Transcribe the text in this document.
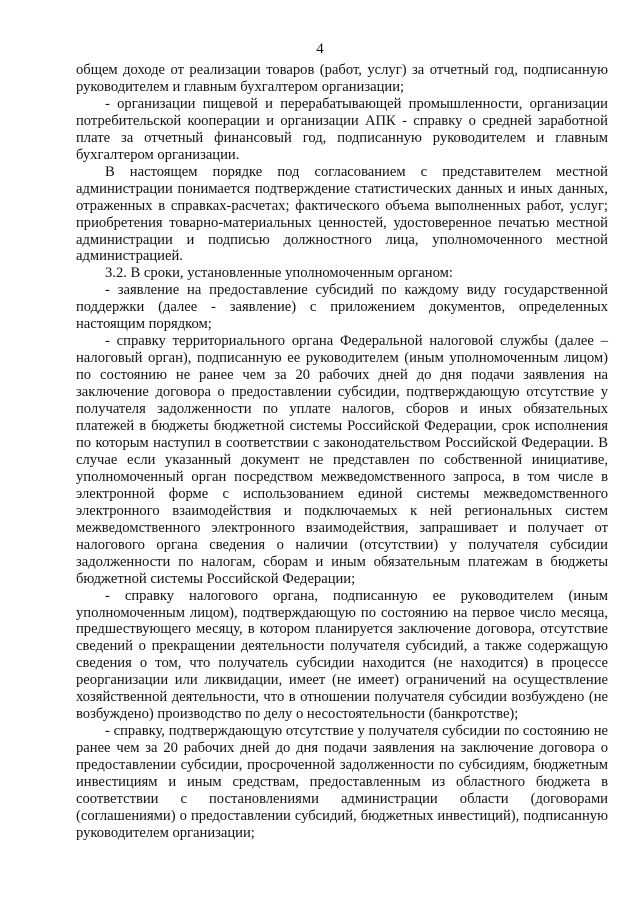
4

общем доходе от реализации товаров (работ, услуг) за отчетный год, подписанную руководителем и главным бухгалтером организации;

- организации пищевой и перерабатывающей промышленности, организации потребительской кооперации и организации АПК - справку о средней заработной плате за отчетный финансовый год, подписанную руководителем и главным бухгалтером организации.

В настоящем порядке под согласованием с представителем местной администрации понимается подтверждение статистических данных и иных данных, отраженных в справках-расчетах; фактического объема выполненных работ, услуг; приобретения товарно-материальных ценностей, удостоверенное печатью местной администрации и подписью должностного лица, уполномоченного местной администрацией.

3.2. В сроки, установленные уполномоченным органом:

- заявление на предоставление субсидий по каждому виду государственной поддержки (далее - заявление) с приложением документов, определенных настоящим порядком;

- справку территориального органа Федеральной налоговой службы (далее – налоговый орган), подписанную ее руководителем (иным уполномоченным лицом) по состоянию не ранее чем за 20 рабочих дней до дня подачи заявления на заключение договора о предоставлении субсидии, подтверждающую отсутствие у получателя задолженности по уплате налогов, сборов и иных обязательных платежей в бюджеты бюджетной системы Российской Федерации, срок исполнения по которым наступил в соответствии с законодательством Российской Федерации. В случае если указанный документ не представлен по собственной инициативе, уполномоченный орган посредством межведомственного запроса, в том числе в электронной форме с использованием единой системы межведомственного электронного взаимодействия и подключаемых к ней региональных систем межведомственного электронного взаимодействия, запрашивает и получает от налогового органа сведения о наличии (отсутствии) у получателя субсидии задолженности по налогам, сборам и иным обязательным платежам в бюджеты бюджетной системы Российской Федерации;

- справку налогового органа, подписанную ее руководителем (иным уполномоченным лицом), подтверждающую по состоянию на первое число месяца, предшествующего месяцу, в котором планируется заключение договора, отсутствие сведений о прекращении деятельности получателя субсидий, а также содержащую сведения о том, что получатель субсидии находится (не находится) в процессе реорганизации или ликвидации, имеет (не имеет) ограничений на осуществление хозяйственной деятельности, что в отношении получателя субсидии возбуждено (не возбуждено) производство по делу о несостоятельности (банкротстве);

- справку, подтверждающую отсутствие у получателя субсидии по состоянию не ранее чем за 20 рабочих дней до дня подачи заявления на заключение договора о предоставлении субсидии, просроченной задолженности по субсидиям, бюджетным инвестициям и иным средствам, предоставленным из областного бюджета в соответствии с постановлениями администрации области (договорами (соглашениями) о предоставлении субсидий, бюджетных инвестиций), подписанную руководителем организации;
